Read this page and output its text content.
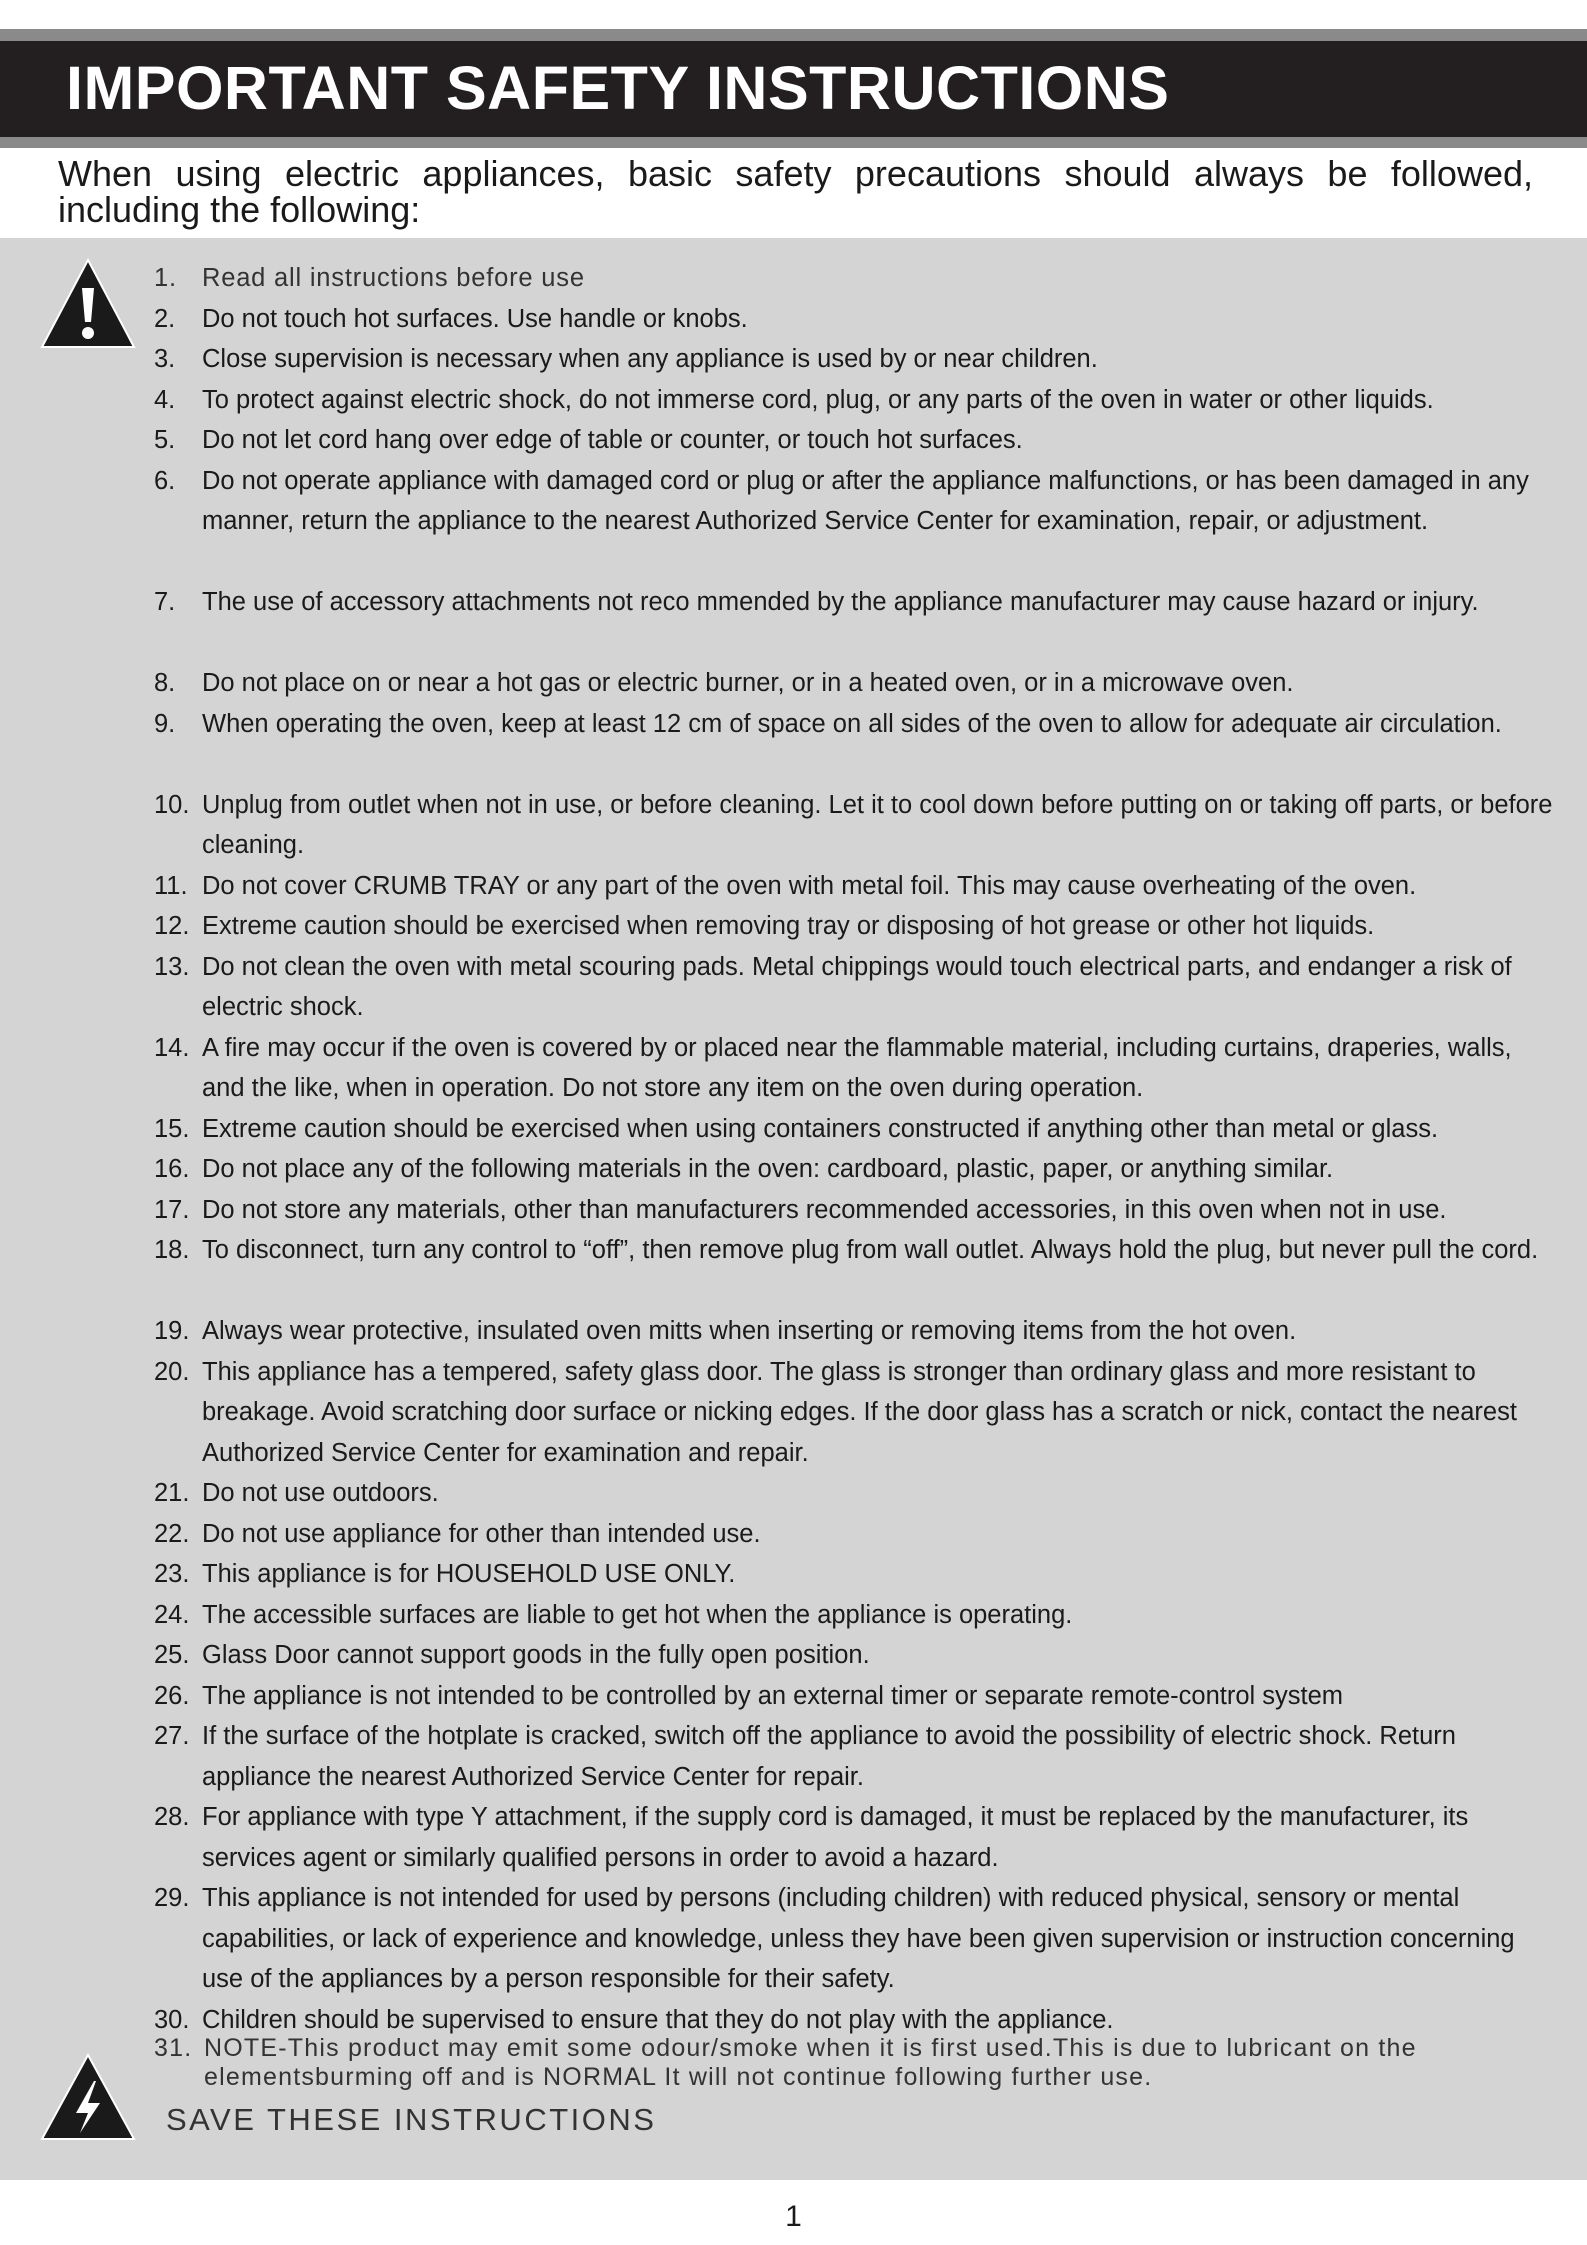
IMPORTANT SAFETY INSTRUCTIONS
When using electric appliances, basic safety precautions should always be followed, including the following:
1. Read all instructions before use
2. Do not touch hot surfaces. Use handle or knobs.
3. Close supervision is necessary when any appliance is used by or near children.
4. To protect against electric shock, do not immerse cord, plug, or any parts of the oven in water or other liquids.
5. Do not let cord hang over edge of table or counter, or touch hot surfaces.
6. Do not operate appliance with damaged cord or plug or after the appliance malfunctions, or has been damaged in any manner, return the appliance to the nearest Authorized Service Center for examination, repair, or adjustment.
7. The use of accessory attachments not reco mmended by the appliance manufacturer may cause hazard or injury.
8. Do not place on or near a hot gas or electric burner, or in a heated oven, or in a microwave oven.
9. When operating the oven, keep at least 12 cm of space on all sides of the oven to allow for adequate air circulation.
10. Unplug from outlet when not in use, or before cleaning. Let it to cool down before putting on or taking off parts, or before cleaning.
11. Do not cover CRUMB TRAY or any part of the oven with metal foil. This may cause overheating of the oven.
12. Extreme caution should be exercised when removing tray or disposing of hot grease or other hot liquids.
13. Do not clean the oven with metal scouring pads. Metal chippings would touch electrical parts, and endanger a risk of electric shock.
14. A fire may occur if the oven is covered by or placed near the flammable material, including curtains, draperies, walls, and the like, when in operation. Do not store any item on the oven during operation.
15. Extreme caution should be exercised when using containers constructed if anything other than metal or glass.
16. Do not place any of the following materials in the oven: cardboard, plastic, paper, or anything similar.
17. Do not store any materials, other than manufacturers recommended accessories, in this oven when not in use.
18. To disconnect, turn any control to “off”, then remove plug from wall outlet. Always hold the plug, but never pull the cord.
19. Always wear protective, insulated oven mitts when inserting or removing items from the hot oven.
20. This appliance has a tempered, safety glass door. The glass is stronger than ordinary glass and more resistant to breakage. Avoid scratching door surface or nicking edges. If the door glass has a scratch or nick, contact the nearest Authorized Service Center for examination and repair.
21. Do not use outdoors.
22. Do not use appliance for other than intended use.
23. This appliance is for HOUSEHOLD USE ONLY.
24. The accessible surfaces are liable to get hot when the appliance is operating.
25. Glass Door cannot support goods in the fully open position.
26. The appliance is not intended to be controlled by an external timer or separate remote-control system
27. If the surface of the hotplate is cracked, switch off the appliance to avoid the possibility of electric shock. Return appliance the nearest Authorized Service Center for repair.
28. For appliance with type Y attachment, if the supply cord is damaged, it must be replaced by the manufacturer, its services agent or similarly qualified persons in order to avoid a hazard.
29. This appliance is not intended for used by persons (including children) with reduced physical, sensory or mental capabilities, or lack of experience and knowledge, unless they have been given supervision or instruction concerning use of the appliances by a person responsible for their safety.
30. Children should be supervised to ensure that they do not play with the appliance.
31. NOTE-This product may emit some odour/smoke when it is first used.This is due to lubricant on the elementsburming off and is NORMAL It will not continue following further use.
SAVE THESE INSTRUCTIONS
1
